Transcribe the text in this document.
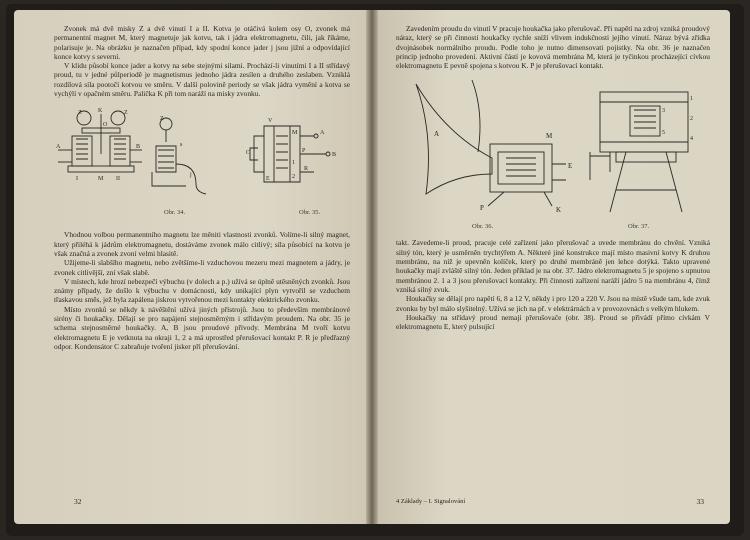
Zvonek má dvě misky Z a dvě vinutí I a II. Kotva je otáčivá kolem osy O, zvonek má permanentní magnet M, který magnetuje jak kotvu, tak i jádra elektromagnetu, čili, jak říkáme, polarisuje je. Na obrázku je naznačen případ, kdy spodní konce jader j jsou jižní a odpovídající konce kotvy s severní.

V klidu působí konce jader a kotvy na sebe stejnými silami. Prochází-li vinutími I a II střídavý proud, tu v jedné půlperiodě je magnetismus jednoho jádra zesílen a druhého zeslaben. Vzniklá rozdílová síla pootočí kotvou ve směru. V další polovině periody se však jádra vymění a kotva se vychýlí v opačném směru. Palička K při tom naráží na misky zvonku.

Z	K	Z
O
A	B
I	II
M
Z
j
s
Obr. 34.
C
V
M
E
P
R
A
B
1
2
Obr. 35.

Vhodnou volbou permanentního magnetu lze měniti vlastnosti zvonků. Volíme-li silný magnet, který přiléhá k jádrům elektromagnetu, dostáváme zvonek málo citlivý; síla působící na kotvu je však značná a zvonek zvoní velmi hlasitě.

Užijeme-li slabšího magnetu, nebo zvětšíme-li vzduchovou mezeru mezi magnetem a jádry, je zvonek citlivější, zní však slabě.

V místech, kde hrozí nebezpečí výbuchu (v dolech a p.) užívá se úplně utěsněných zvonků. Jsou známy případy, že došlo k výbuchu v domácnosti, kdy unikající plyn vytvořil se vzduchem třaskavou směs, jež byla zapálena jiskrou vytvořenou mezi kontakty elektrického zvonku.

Místo zvonků se někdy k návěštění užívá jiných přístrojů. Jsou to především membránové sirény či houkačky. Dělají se pro napájení stejnosměrným i střídavým proudem. Na obr. 35 je schema stejnosměrné houkačky. A, B jsou proudové přívody. Membrána M tvoří kotvu elektromagnetu E je vetknuta na okraji 1, 2 a má uprostřed přerušovací kontakt P. R je předřazný odpor. Kondensátor C zabraňuje tvoření jisker při přerušování.

32

Zavedením proudu do vinutí V pracuje houkačka jako přerušovač. Při napětí na zdroj vzniká proudový náraz, který se při činnosti houkačky rychle sníží vlivem indukčnosti jejího vinutí. Náraz bývá zřídka dvojnásobek normálního proudu. Podle toho je nutno dimensovati pojistky. Na obr. 36 je naznačen princip jednoho provedení. Aktivní částí je kovová membrána M, která je tyčinkou procházející cívkou elektromagnetu E pevně spojena s kotvou K. P je přerušovací kontakt.

A	M
E
P	K
Obr. 36.
1
2
3
4
5
Obr. 37.

takt. Zavedeme-li proud, pracuje celé zařízení jako přerušovač a uvede membránu do chvění. Vzniká silný tón, který je usměrněn trychtýřem A. Některé jiné konstrukce mají místo masivní kotvy K druhou membránu, na níž je upevněn kolíček, který po druhé membráně jen lehce dotýká. Takto upravené houkačky mají zvláště silný tón. Jeden příklad je na obr. 37. Jádro elektromagnetu 5 je spojeno s upnutou membránou 2. 1 a 3 jsou přerušovací kontakty. Při činnosti zařízení naráží jádro 5 na membránu 4, čímž vzniká silný zvuk.

Houkačky se dělají pro napětí 6, 8 a 12 V, někdy i pro 120 a 220 V. Jsou na místě všude tam, kde zvuk zvonku by byl málo slyšitelný. Užívá se jich na př. v elektrárnách a v provozovnách s velkým hlukem.

Houkačky na střídavý proud nemají přerušovače (obr. 38). Proud se přivádí přímo cívkám V elektromagnetu E, který pulsující

4 Základy – I. Signalování	33
